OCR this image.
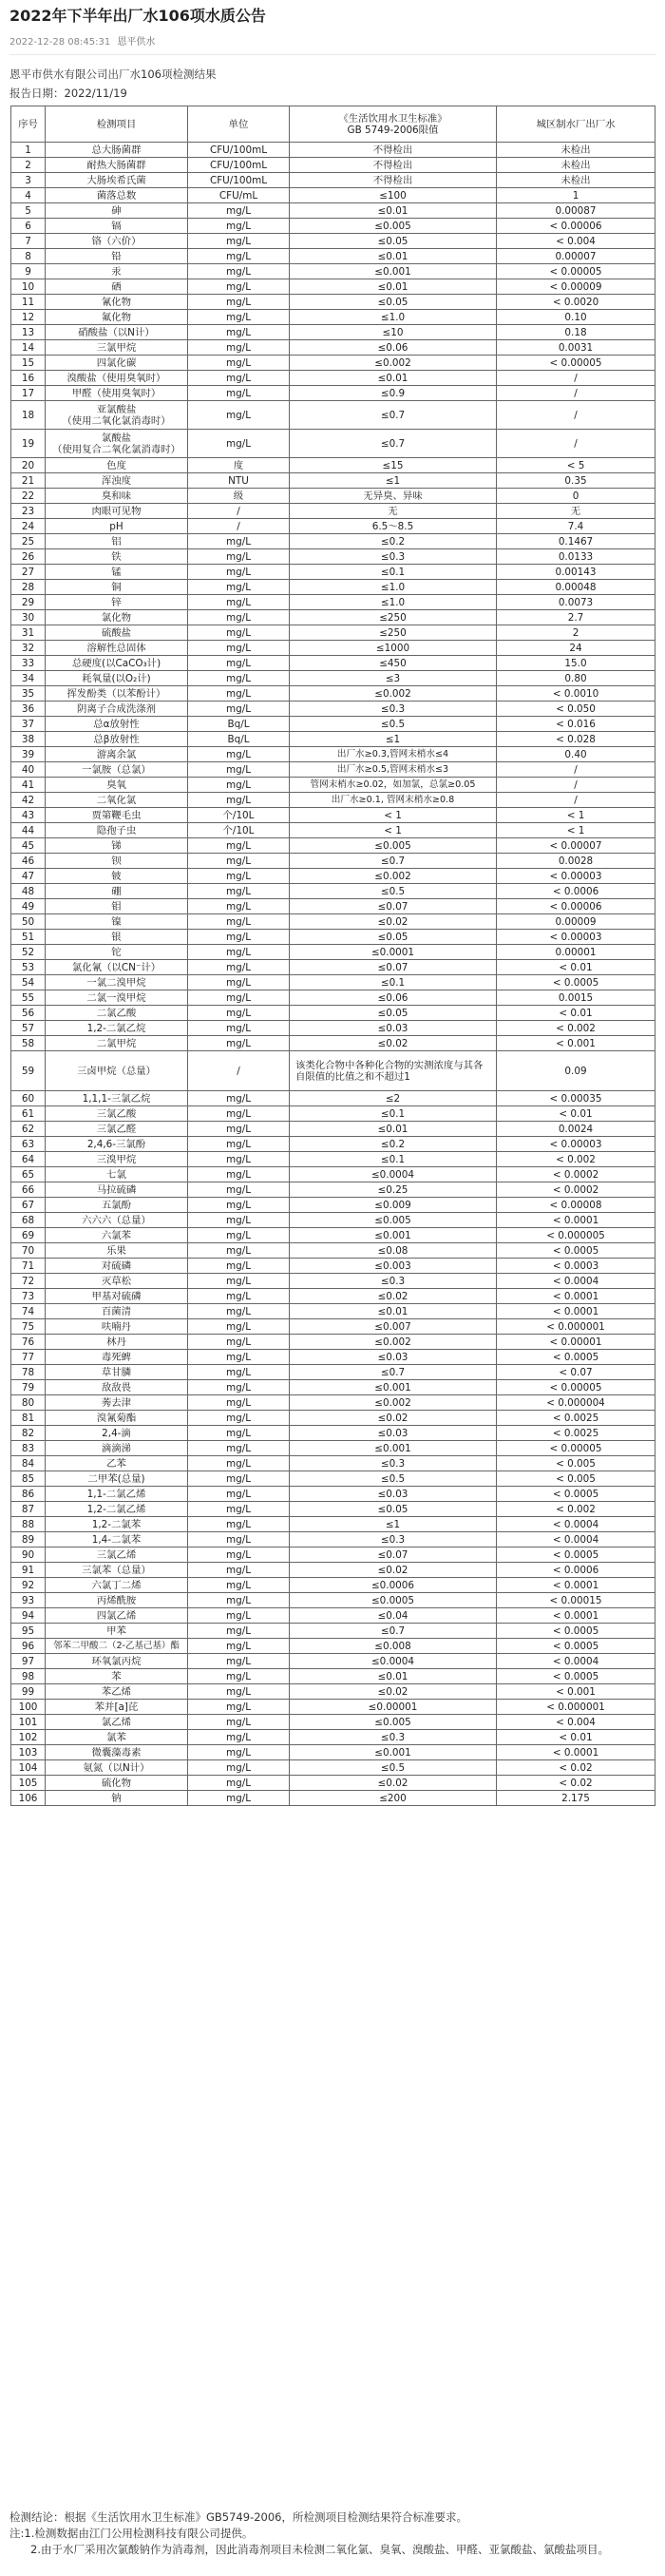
2022年下半年出厂水106项水质公告
2022-12-28 08:45:31 恩平供水
恩平市供水有限公司出厂水106项检测结果
报告日期：2022/11/19
序号	检测项目	单位	《生活饮用水卫生标准》
GB 5749-2006限值	城区制水厂出厂水
1	总大肠菌群	CFU/100mL	不得检出	未检出
2	耐热大肠菌群	CFU/100mL	不得检出	未检出
3	大肠埃希氏菌	CFU/100mL	不得检出	未检出
4	菌落总数	CFU/mL	≤100	1
5	砷	mg/L	≤0.01	0.00087
6	镉	mg/L	≤0.005	< 0.00006
7	铬（六价）	mg/L	≤0.05	< 0.004
8	铅	mg/L	≤0.01	0.00007
9	汞	mg/L	≤0.001	< 0.00005
10	硒	mg/L	≤0.01	< 0.00009
11	氰化物	mg/L	≤0.05	< 0.0020
12	氟化物	mg/L	≤1.0	0.10
13	硝酸盐（以N计）	mg/L	≤10	0.18
14	三氯甲烷	mg/L	≤0.06	0.0031
15	四氯化碳	mg/L	≤0.002	< 0.00005
16	溴酸盐（使用臭氧时）	mg/L	≤0.01	/
17	甲醛（使用臭氧时）	mg/L	≤0.9	/
18	亚氯酸盐
（使用二氧化氯消毒时）	mg/L	≤0.7	/
19	氯酸盐
（使用复合二氧化氯消毒时）	mg/L	≤0.7	/
20	色度	度	≤15	< 5
21	浑浊度	NTU	≤1	0.35
22	臭和味	级	无异臭、异味	0
23	肉眼可见物	/	无	无
24	pH	/	6.5～8.5	7.4
25	铝	mg/L	≤0.2	0.1467
26	铁	mg/L	≤0.3	0.0133
27	锰	mg/L	≤0.1	0.00143
28	铜	mg/L	≤1.0	0.00048
29	锌	mg/L	≤1.0	0.0073
30	氯化物	mg/L	≤250	2.7
31	硫酸盐	mg/L	≤250	2
32	溶解性总固体	mg/L	≤1000	24
33	总硬度(以CaCO₃计)	mg/L	≤450	15.0
34	耗氧量(以O₂计)	mg/L	≤3	0.80
35	挥发酚类（以苯酚计）	mg/L	≤0.002	< 0.0010
36	阴离子合成洗涤剂	mg/L	≤0.3	< 0.050
37	总α放射性	Bq/L	≤0.5	< 0.016
38	总β放射性	Bq/L	≤1	< 0.028
39	游离余氯	mg/L	出厂水≥0.3,管网末梢水≤4	0.40
40	一氯胺（总氯）	mg/L	出厂水≥0.5,管网末梢水≤3	/
41	臭氧	mg/L	管网末梢水≥0.02，如加氯，总氯≥0.05	/
42	二氧化氯	mg/L	出厂水≥0.1, 管网末梢水≥0.8	/
43	贾第鞭毛虫	个/10L	< 1	< 1
44	隐孢子虫	个/10L	< 1	< 1
45	锑	mg/L	≤0.005	< 0.00007
46	钡	mg/L	≤0.7	0.0028
47	铍	mg/L	≤0.002	< 0.00003
48	硼	mg/L	≤0.5	< 0.0006
49	钼	mg/L	≤0.07	< 0.00006
50	镍	mg/L	≤0.02	0.00009
51	银	mg/L	≤0.05	< 0.00003
52	铊	mg/L	≤0.0001	0.00001
53	氯化氰（以CN⁻计）	mg/L	≤0.07	< 0.01
54	一氯二溴甲烷	mg/L	≤0.1	< 0.0005
55	二氯一溴甲烷	mg/L	≤0.06	0.0015
56	二氯乙酸	mg/L	≤0.05	< 0.01
57	1,2-二氯乙烷	mg/L	≤0.03	< 0.002
58	二氯甲烷	mg/L	≤0.02	< 0.001
59	三卤甲烷（总量）	/	该类化合物中各种化合物的实测浓度与其各自限值的比值之和不超过1	0.09
60	1,1,1-三氯乙烷	mg/L	≤2	< 0.00035
61	三氯乙酸	mg/L	≤0.1	< 0.01
62	三氯乙醛	mg/L	≤0.01	0.0024
63	2,4,6-三氯酚	mg/L	≤0.2	< 0.00003
64	三溴甲烷	mg/L	≤0.1	< 0.002
65	七氯	mg/L	≤0.0004	< 0.0002
66	马拉硫磷	mg/L	≤0.25	< 0.0002
67	五氯酚	mg/L	≤0.009	< 0.00008
68	六六六（总量）	mg/L	≤0.005	< 0.0001
69	六氯苯	mg/L	≤0.001	< 0.000005
70	乐果	mg/L	≤0.08	< 0.0005
71	对硫磷	mg/L	≤0.003	< 0.0003
72	灭草松	mg/L	≤0.3	< 0.0004
73	甲基对硫磷	mg/L	≤0.02	< 0.0001
74	百菌清	mg/L	≤0.01	< 0.0001
75	呋喃丹	mg/L	≤0.007	< 0.000001
76	林丹	mg/L	≤0.002	< 0.00001
77	毒死蜱	mg/L	≤0.03	< 0.0005
78	草甘膦	mg/L	≤0.7	< 0.07
79	敌敌畏	mg/L	≤0.001	< 0.00005
80	莠去津	mg/L	≤0.002	< 0.000004
81	溴氰菊酯	mg/L	≤0.02	< 0.0025
82	2,4-滴	mg/L	≤0.03	< 0.0025
83	滴滴涕	mg/L	≤0.001	< 0.00005
84	乙苯	mg/L	≤0.3	< 0.005
85	二甲苯(总量)	mg/L	≤0.5	< 0.005
86	1,1-二氯乙烯	mg/L	≤0.03	< 0.0005
87	1,2-二氯乙烯	mg/L	≤0.05	< 0.002
88	1,2-二氯苯	mg/L	≤1	< 0.0004
89	1,4-二氯苯	mg/L	≤0.3	< 0.0004
90	三氯乙烯	mg/L	≤0.07	< 0.0005
91	三氯苯（总量）	mg/L	≤0.02	< 0.0006
92	六氯丁二烯	mg/L	≤0.0006	< 0.0001
93	丙烯酰胺	mg/L	≤0.0005	< 0.00015
94	四氯乙烯	mg/L	≤0.04	< 0.0001
95	甲苯	mg/L	≤0.7	< 0.0005
96	邻苯二甲酸二（2-乙基己基）酯	mg/L	≤0.008	< 0.0005
97	环氧氯丙烷	mg/L	≤0.0004	< 0.0004
98	苯	mg/L	≤0.01	< 0.0005
99	苯乙烯	mg/L	≤0.02	< 0.001
100	苯并[a]芘	mg/L	≤0.00001	< 0.000001
101	氯乙烯	mg/L	≤0.005	< 0.004
102	氯苯	mg/L	≤0.3	< 0.01
103	微囊藻毒素	mg/L	≤0.001	< 0.0001
104	氨氮（以N计）	mg/L	≤0.5	< 0.02
105	硫化物	mg/L	≤0.02	< 0.02
106	钠	mg/L	≤200	2.175

检测结论：根据《生活饮用水卫生标准》GB5749-2006，所检测项目检测结果符合标准要求。

注:1.检测数据由江门公用检测科技有限公司提供。

2.由于水厂采用次氯酸钠作为消毒剂，因此消毒剂项目未检测二氧化氯、臭氧、溴酸盐、甲醛、亚氯酸盐、氯酸盐项目。
